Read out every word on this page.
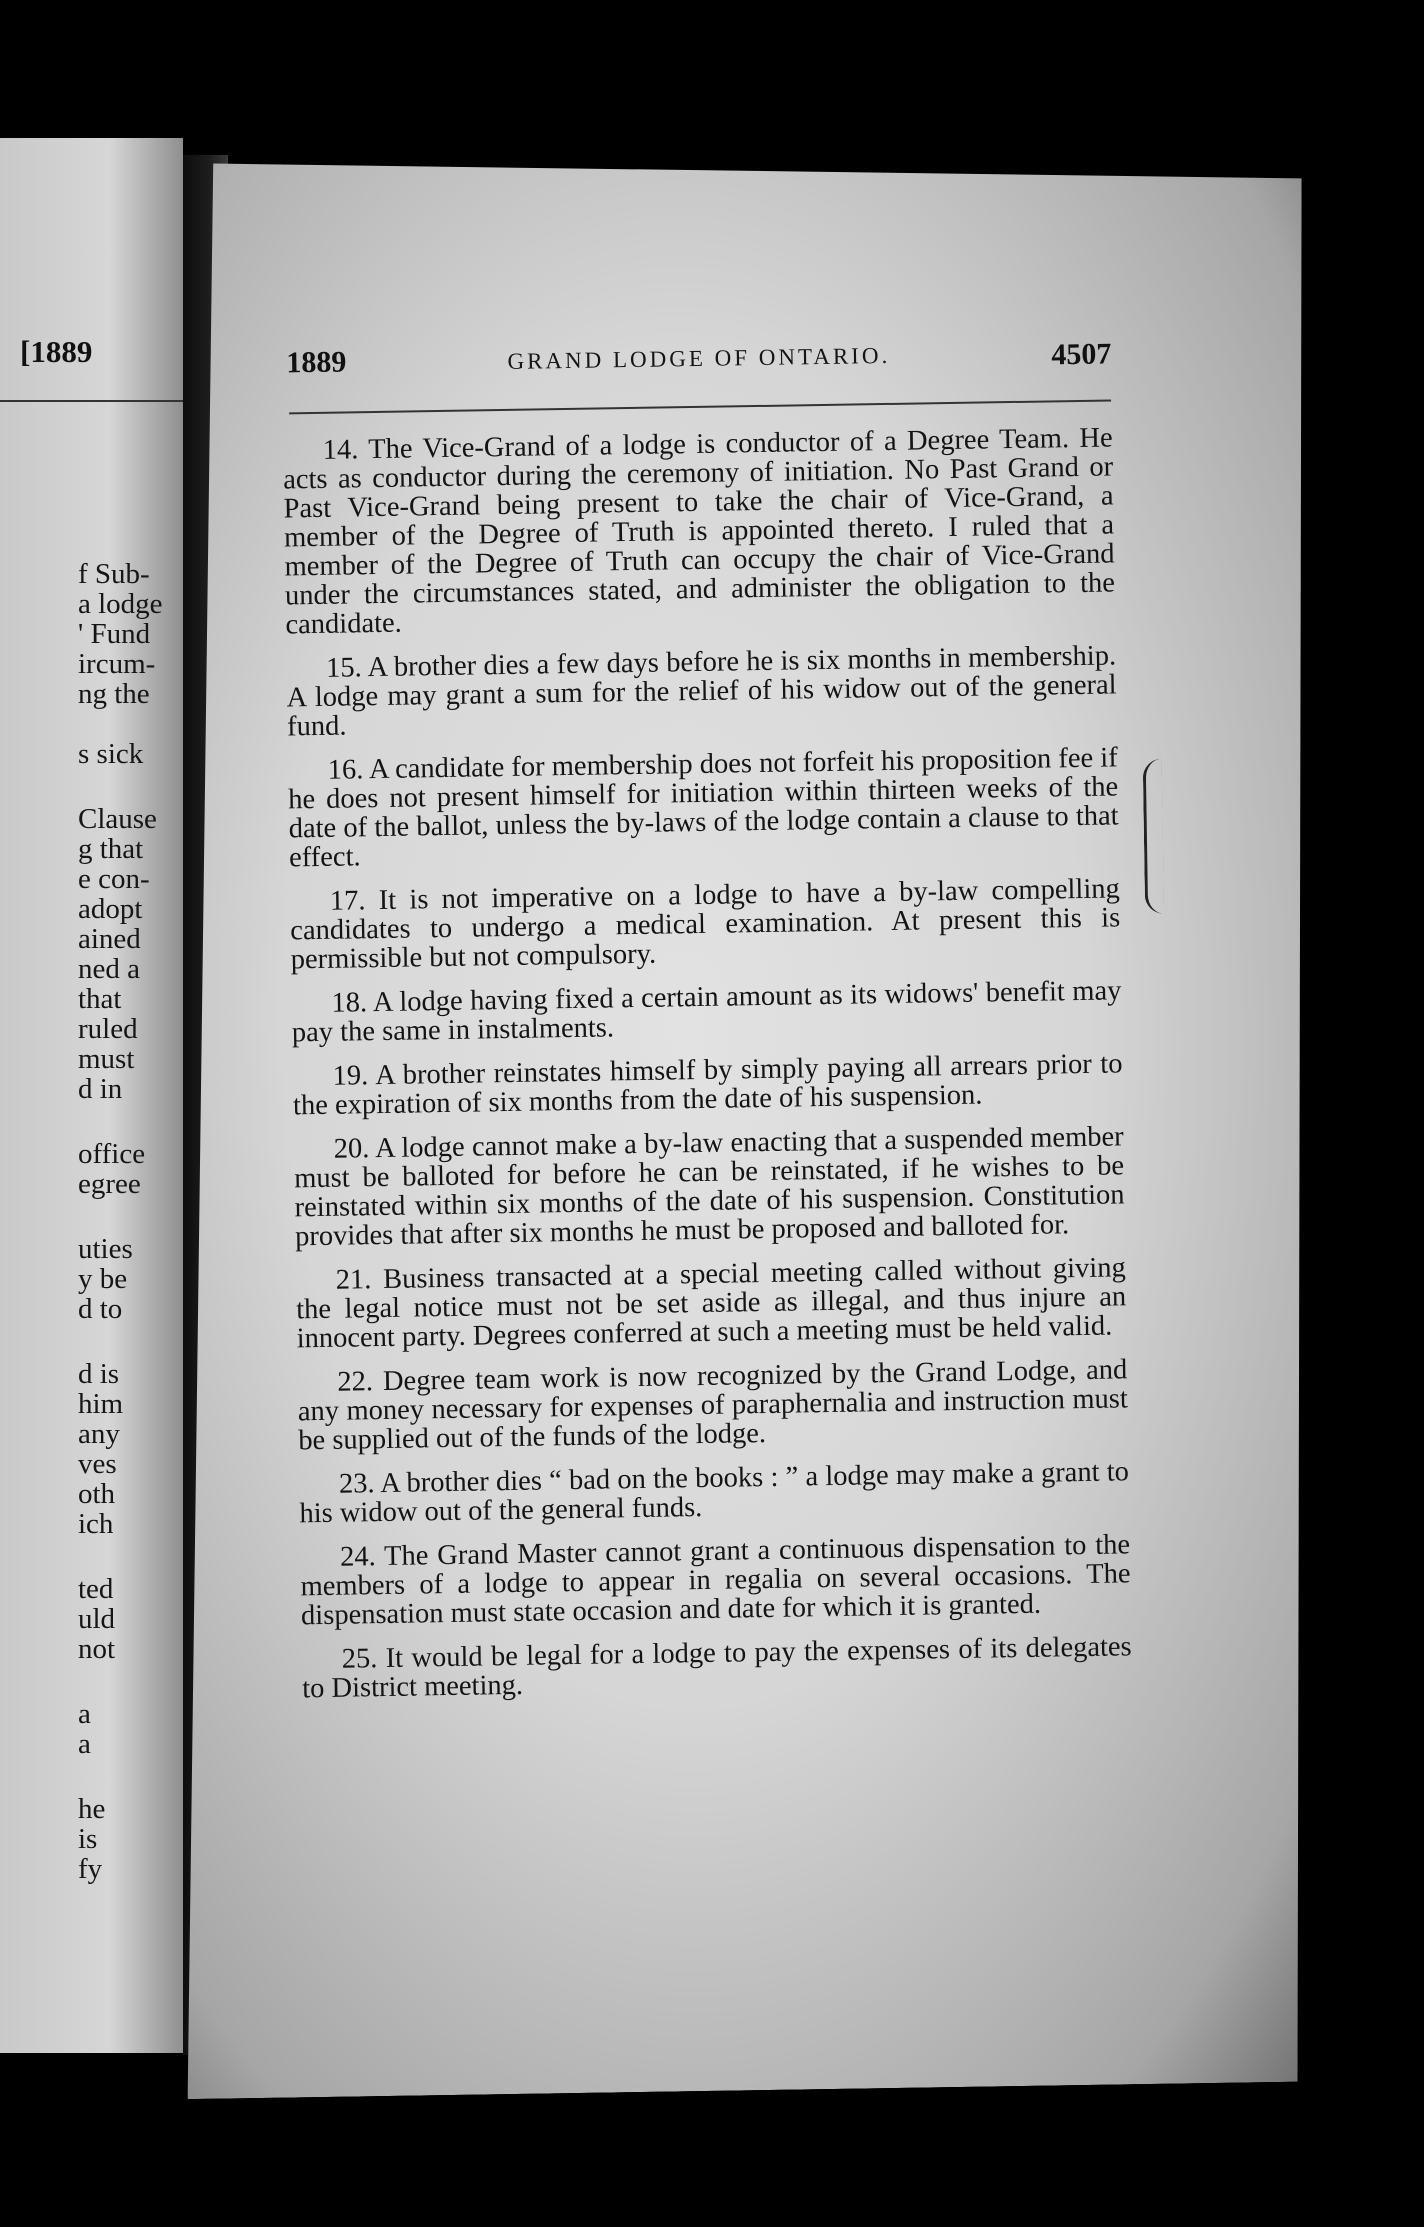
[1889
f Sub-
a lodge
' Fund
ircum-
ng the
s sick
Clause
g that
e con-
adopt
ained
ned a
that
ruled
must
d in
office
egree
uties
y be
d to
d is
him
any
ves
oth
ich
ted
uld
not
a
a
he
is
fy
1889	GRAND LODGE OF ONTARIO.	4507

14. The Vice-Grand of a lodge is conductor of a Degree Team. He acts as conductor during the ceremony of initiation. No Past Grand or Past Vice-Grand being present to take the chair of Vice-Grand, a member of the Degree of Truth is appointed thereto. I ruled that a member of the Degree of Truth can occupy the chair of Vice-Grand under the circumstances stated, and administer the obligation to the candidate.

15. A brother dies a few days before he is six months in membership. A lodge may grant a sum for the relief of his widow out of the general fund.

16. A candidate for membership does not forfeit his proposition fee if he does not present himself for initiation within thirteen weeks of the date of the ballot, unless the by-laws of the lodge contain a clause to that effect.

17. It is not imperative on a lodge to have a by-law compelling candidates to undergo a medical examination. At present this is permissible but not compulsory.

18. A lodge having fixed a certain amount as its widows' benefit may pay the same in instalments.

19. A brother reinstates himself by simply paying all arrears prior to the expiration of six months from the date of his suspension.

20. A lodge cannot make a by-law enacting that a suspended member must be balloted for before he can be reinstated, if he wishes to be reinstated within six months of the date of his suspension. Constitution provides that after six months he must be proposed and balloted for.

21. Business transacted at a special meeting called without giving the legal notice must not be set aside as illegal, and thus injure an innocent party. Degrees conferred at such a meeting must be held valid.

22. Degree team work is now recognized by the Grand Lodge, and any money necessary for expenses of paraphernalia and instruction must be supplied out of the funds of the lodge.

23. A brother dies “ bad on the books : ” a lodge may make a grant to his widow out of the general funds.

24. The Grand Master cannot grant a continuous dispensation to the members of a lodge to appear in regalia on several occasions. The dispensation must state occasion and date for which it is granted.

25. It would be legal for a lodge to pay the expenses of its delegates to District meeting.
